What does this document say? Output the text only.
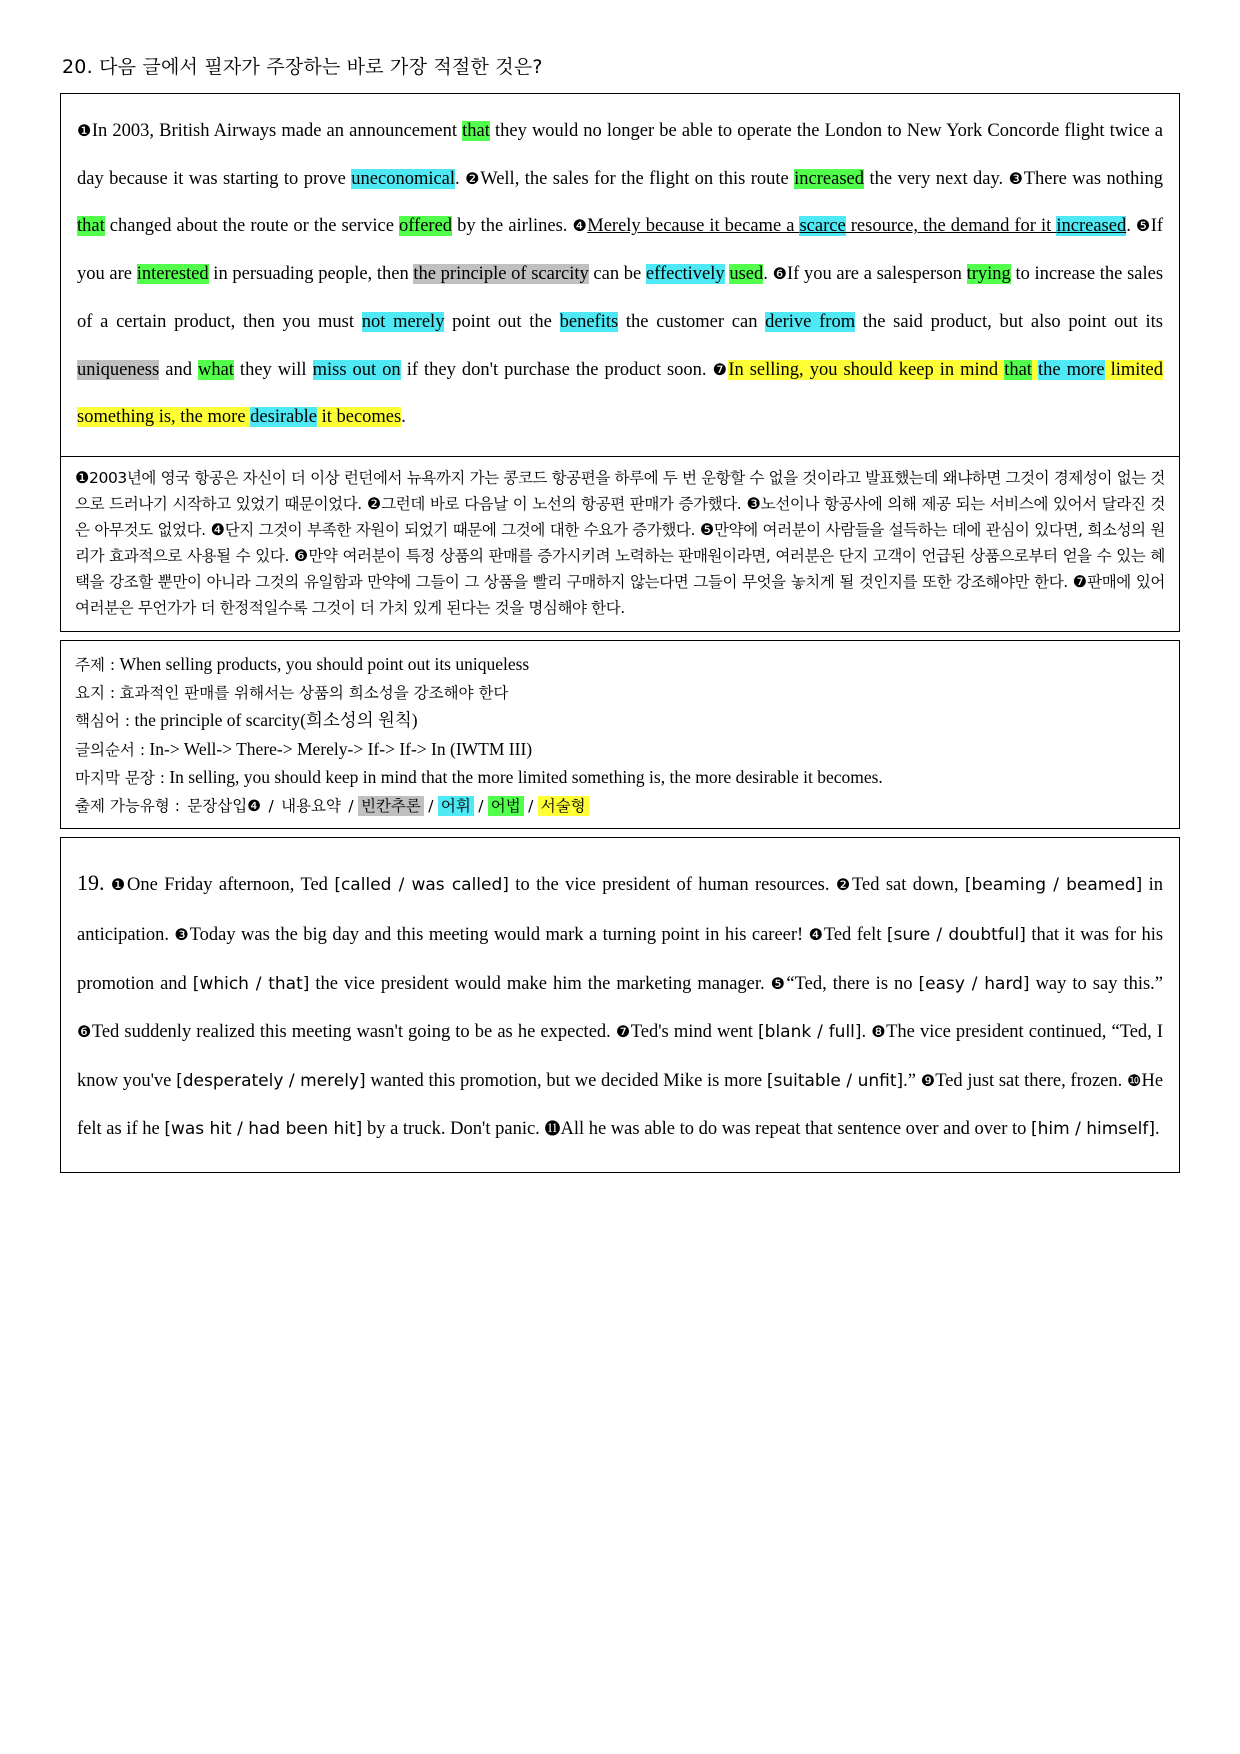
20. 다음 글에서 필자가 주장하는 바로 가장 적절한 것은?
❶In 2003, British Airways made an announcement that they would no longer be able to operate the London to New York Concorde flight twice a day because it was starting to prove uneconomical. ❷Well, the sales for the flight on this route increased the very next day. ❸There was nothing that changed about the route or the service offered by the airlines. ❹Merely because it became a scarce resource, the demand for it increased. ❺If you are interested in persuading people, then the principle of scarcity can be effectively used. ❻If you are a salesperson trying to increase the sales of a certain product, then you must not merely point out the benefits the customer can derive from the said product, but also point out its uniqueness and what they will miss out on if they don't purchase the product soon. ❼In selling, you should keep in mind that the more limited something is, the more desirable it becomes.
❶2003년에 영국 항공은 자신이 더 이상 런던에서 뉴욕까지 가는 콩코드 항공편을 하루에 두 번 운항할 수 없을 것이라고 발표했는데 왜냐하면 그것이 경제성이 없는 것으로 드러나기 시작하고 있었기 때문이었다. ❷그런데 바로 다음날 이 노선의 항공편 판매가 증가했다. ❸노선이나 항공사에 의해 제공 되는 서비스에 있어서 달라진 것은 아무것도 없었다. ❹단지 그것이 부족한 자원이 되었기 때문에 그것에 대한 수요가 증가했다. ❺만약에 여러분이 사람들을 설득하는 데에 관심이 있다면, 희소성의 원리가 효과적으로 사용될 수 있다. ❻만약 여러분이 특정 상품의 판매를 증가시키려 노력하는 판매원이라면, 여러분은 단지 고객이 언급된 상품으로부터 얻을 수 있는 혜택을 강조할 뿐만이 아니라 그것의 유일함과 만약에 그들이 그 상품을 빨리 구매하지 않는다면 그들이 무엇을 놓치게 될 것인지를 또한 강조해야만 한다. ❼판매에 있어 여러분은 무언가가 더 한정적일수록 그것이 더 가치 있게 된다는 것을 명심해야 한다.
주제 : When selling products, you should point out its uniqueless
요지 : 효과적인 판매를 위해서는 상품의 희소성을 강조해야 한다
핵심어 : the principle of scarcity(희소성의 원칙)
글의순서 : In-> Well-> There-> Merely-> If-> If-> In (IWTM III)
마지막 문장 : In selling, you should keep in mind that the more limited something is, the more desirable it becomes.
출제 가능유형 : 문장삽입❹ / 내용요약 / 빈칸추론 / 어휘 / 어법 / 서술형
19. ❶One Friday afternoon, Ted [called / was called] to the vice president of human resources. ❷Ted sat down, [beaming / beamed] in anticipation. ❸Today was the big day and this meeting would mark a turning point in his career! ❹Ted felt [sure / doubtful] that it was for his promotion and [which / that] the vice president would make him the marketing manager. ❺“Ted, there is no [easy / hard] way to say this.” ❻Ted suddenly realized this meeting wasn't going to be as he expected. ❼Ted's mind went [blank / full]. ❽The vice president continued, “Ted, I know you've [desperately / merely] wanted this promotion, but we decided Mike is more [suitable / unfit].” ❾Ted just sat there, frozen. ❿He felt as if he [was hit / had been hit] by a truck. Don't panic. ⓫All he was able to do was repeat that sentence over and over to [him / himself].
